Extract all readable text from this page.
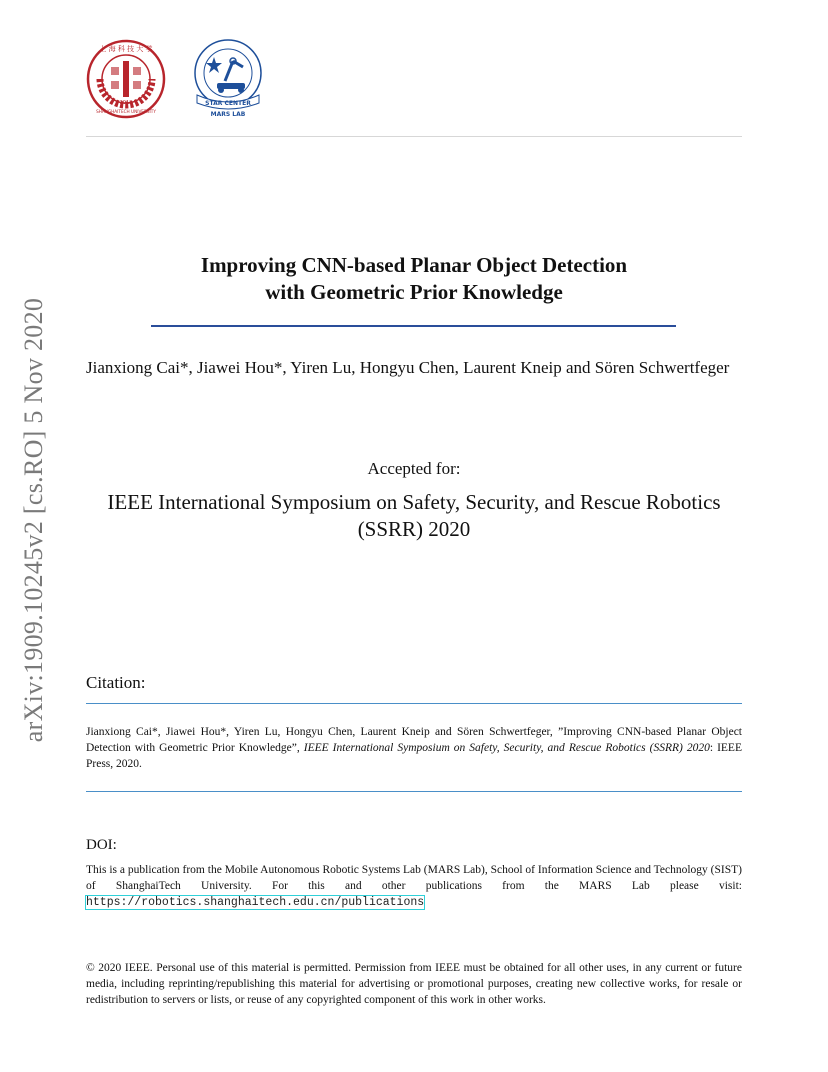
上 海 科 技 大 学
2013
SHANGHAITECH UNIVERSITY
STAR CENTER
MARS LAB
arXiv:1909.10245v2 [cs.RO] 5 Nov 2020
Improving CNN-based Planar Object Detection
with Geometric Prior Knowledge
Jianxiong Cai*, Jiawei Hou*, Yiren Lu, Hongyu Chen, Laurent Kneip and Sören Schwertfeger
Accepted for:
IEEE International Symposium on Safety, Security, and Rescue Robotics
(SSRR) 2020
Citation:
Jianxiong Cai*, Jiawei Hou*, Yiren Lu, Hongyu Chen, Laurent Kneip and Sören Schwertfeger, ”Improving CNN-based Planar Object Detection with Geometric Prior Knowledge”, IEEE International Symposium on Safety, Security, and Rescue Robotics (SSRR) 2020: IEEE Press, 2020.
DOI:
This is a publication from the Mobile Autonomous Robotic Systems Lab (MARS Lab), School of Information Science and Technology (SIST) of ShanghaiTech University. For this and other publications from the MARS Lab please visit: https://robotics.shanghaitech.edu.cn/publications
© 2020 IEEE. Personal use of this material is permitted. Permission from IEEE must be obtained for all other uses, in any current or future media, including reprinting/republishing this material for advertising or promotional purposes, creating new collective works, for resale or redistribution to servers or lists, or reuse of any copyrighted component of this work in other works.
